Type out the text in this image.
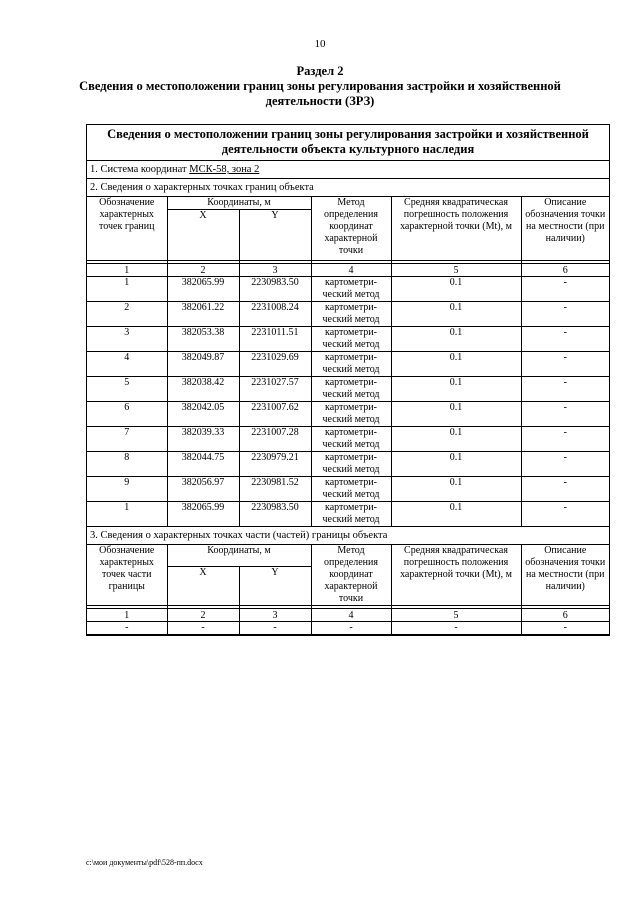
10
Раздел 2
Сведения о местоположении границ зоны регулирования застройки и хозяйственной
деятельности (ЗРЗ)
Сведения о местоположении границ зоны регулирования застройки и хозяйственной
деятельности объекта культурного наследия
1. Система координат МСК-58, зона 2
2. Сведения о характерных точках границ объекта
Обозначение характерных точек границ	Координаты, м		Метод определения координат характерной точки	Средняя квадратическая погрешность положения характерной точки (Mt), м	Описание обозначения точки на местности (при наличии)
	X	Y			

1	2	3	4	5	6
1	382065.99	2230983.50	картометри-ческий метод	0.1	-
2	382061.22	2231008.24	картометри-ческий метод	0.1	-
3	382053.38	2231011.51	картометри-ческий метод	0.1	-
4	382049.87	2231029.69	картометри-ческий метод	0.1	-
5	382038.42	2231027.57	картометри-ческий метод	0.1	-
6	382042.05	2231007.62	картометри-ческий метод	0.1	-
7	382039.33	2231007.28	картометри-ческий метод	0.1	-
8	382044.75	2230979.21	картометри-ческий метод	0.1	-
9	382056.97	2230981.52	картометри-ческий метод	0.1	-
1	382065.99	2230983.50	картометри-ческий метод	0.1	-
3. Сведения о характерных точках части (частей) границы объекта
Обозначение характерных точек части границы	Координаты, м		Метод определения координат характерной точки	Средняя квадратическая погрешность положения характерной точки (Mt), м	Описание обозначения точки на местности (при наличии)
	X	Y			

1	2	3	4	5	6
-	-	-	-	-	-
c:\мои документы\pdf\528-пп.docx
